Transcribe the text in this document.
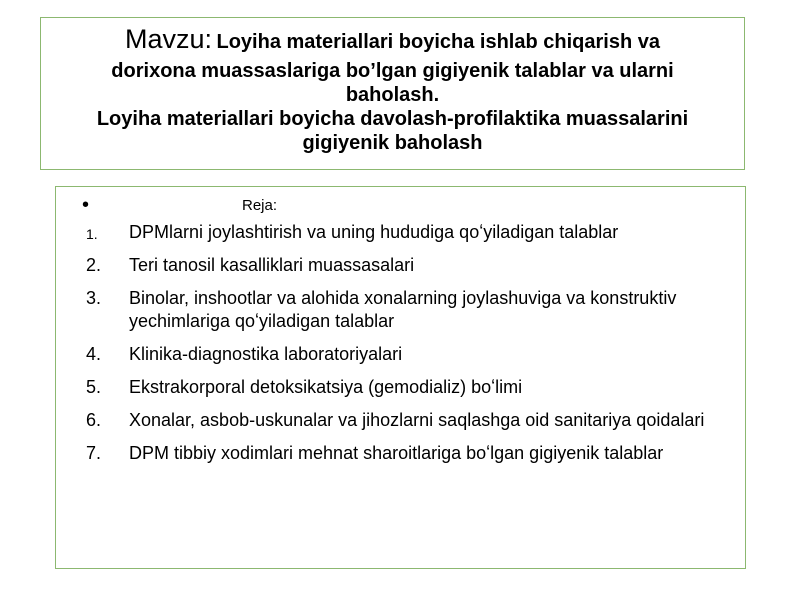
Mavzu: Loyiha materiallari boyicha ishlab chiqarish va
dorixona muassaslariga bo’lgan gigiyenik talablar va ularni
baholash.
Loyiha materiallari boyicha davolash-profilaktika muassalarini
gigiyenik baholash
•	Reja:
1. DPMlarni joylashtirish va uning hududiga qoʻyiladigan talablar
2. Teri tanosil kasalliklari muassasalari
3. Binolar, inshootlar va alohida xonalarning joylashuviga va konstruktiv yechimlariga qoʻyiladigan talablar
4. Klinika-diagnostika laboratoriyalari
5. Ekstrakorporal detoksikatsiya (gemodializ) boʻlimi
6. Xonalar, asbob-uskunalar va jihozlarni saqlashga oid sanitariya qoidalari
7. DPM tibbiy xodimlari mehnat sharoitlariga boʻlgan gigiyenik talablar
